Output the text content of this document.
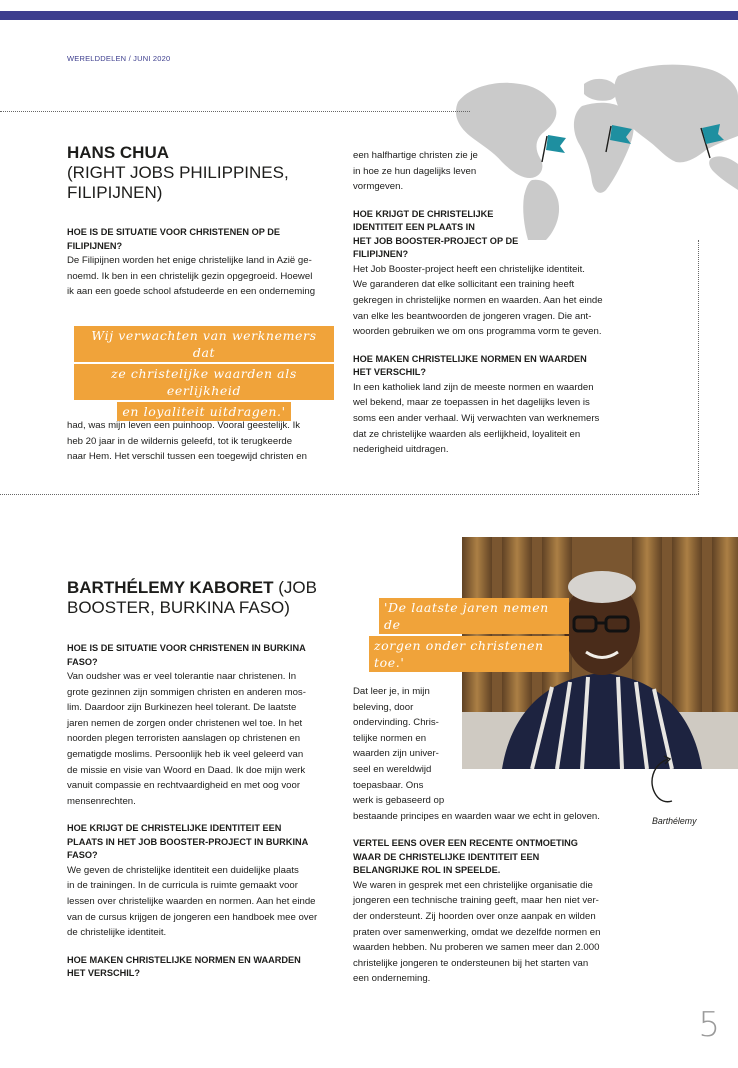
WERELDDELEN / JUNI 2020
HANS CHUA
(RIGHT JOBS PHILIPPINES,
FILIPIJNEN)

HOE IS DE SITUATIE VOOR CHRISTENEN OP DE

FILIPIJNEN?

De Filipijnen worden het enige christelijke land in Azië ge-

noemd. Ik ben in een christelijk gezin opgegroeid. Hoewel

ik aan een goede school afstudeerde en een onderneming

Wij verwachten van werknemers dat
ze christelijke waarden als eerlijkheid
en loyaliteit uitdragen.'

had, was mijn leven een puinhoop. Vooral geestelijk. Ik

heb 20 jaar in de wildernis geleefd, tot ik terugkeerde

naar Hem. Het verschil tussen een toegewijd christen en

een halfhartige christen zie je

in hoe ze hun dagelijks leven

vormgeven.

HOE KRIJGT DE CHRISTELIJKE

IDENTITEIT EEN PLAATS IN

HET JOB BOOSTER-PROJECT OP DE

FILIPIJNEN?

Het Job Booster-project heeft een christelijke identiteit.

We garanderen dat elke sollicitant een training heeft

gekregen in christelijke normen en waarden. Aan het einde

van elke les beantwoorden de jongeren vragen. Die ant-

woorden gebruiken we om ons programma vorm te geven.

HOE MAKEN CHRISTELIJKE NORMEN EN WAARDEN

HET VERSCHIL?

In een katholiek land zijn de meeste normen en waarden

wel bekend, maar ze toepassen in het dagelijks leven is

soms een ander verhaal. Wij verwachten van werknemers

dat ze christelijke waarden als eerlijkheid, loyaliteit en

nederigheid uitdragen.

Barthélemy
BARTHÉLEMY KABORET (JOB
BOOSTER, BURKINA FASO)	'De laatste jaren nemen de
zorgen onder christenen toe.'

HOE IS DE SITUATIE VOOR CHRISTENEN IN BURKINA

FASO?

Van oudsher was er veel tolerantie naar christenen. In

grote gezinnen zijn sommigen christen en anderen mos-

lim. Daardoor zijn Burkinezen heel tolerant. De laatste

jaren nemen de zorgen onder christenen wel toe. In het

noorden plegen terroristen aanslagen op christenen en

gematigde moslims. Persoonlijk heb ik veel geleerd van

de missie en visie van Woord en Daad. Ik doe mijn werk

vanuit compassie en rechtvaardigheid en met oog voor

mensenrechten.

HOE KRIJGT DE CHRISTELIJKE IDENTITEIT EEN

PLAATS IN HET JOB BOOSTER-PROJECT IN BURKINA

FASO?

We geven de christelijke identiteit een duidelijke plaats

in de trainingen. In de curricula is ruimte gemaakt voor

lessen over christelijke waarden en normen. Aan het einde

van de cursus krijgen de jongeren een handboek mee over

de christelijke identiteit.

HOE MAKEN CHRISTELIJKE NORMEN EN WAARDEN

HET VERSCHIL?

Dat leer je, in mijn

beleving, door

ondervinding. Chris-

telijke normen en

waarden zijn univer-

seel en wereldwijd

toepasbaar. Ons

werk is gebaseerd op

bestaande principes en waarden waar we echt in geloven.

VERTEL EENS OVER EEN RECENTE ONTMOETING

WAAR DE CHRISTELIJKE IDENTITEIT EEN

BELANGRIJKE ROL IN SPEELDE.

We waren in gesprek met een christelijke organisatie die

jongeren een technische training geeft, maar hen niet ver-

der ondersteunt. Zij hoorden over onze aanpak en wilden

praten over samenwerking, omdat we dezelfde normen en

waarden hebben. Nu proberen we samen meer dan 2.000

christelijke jongeren te ondersteunen bij het starten van

een onderneming.

5
